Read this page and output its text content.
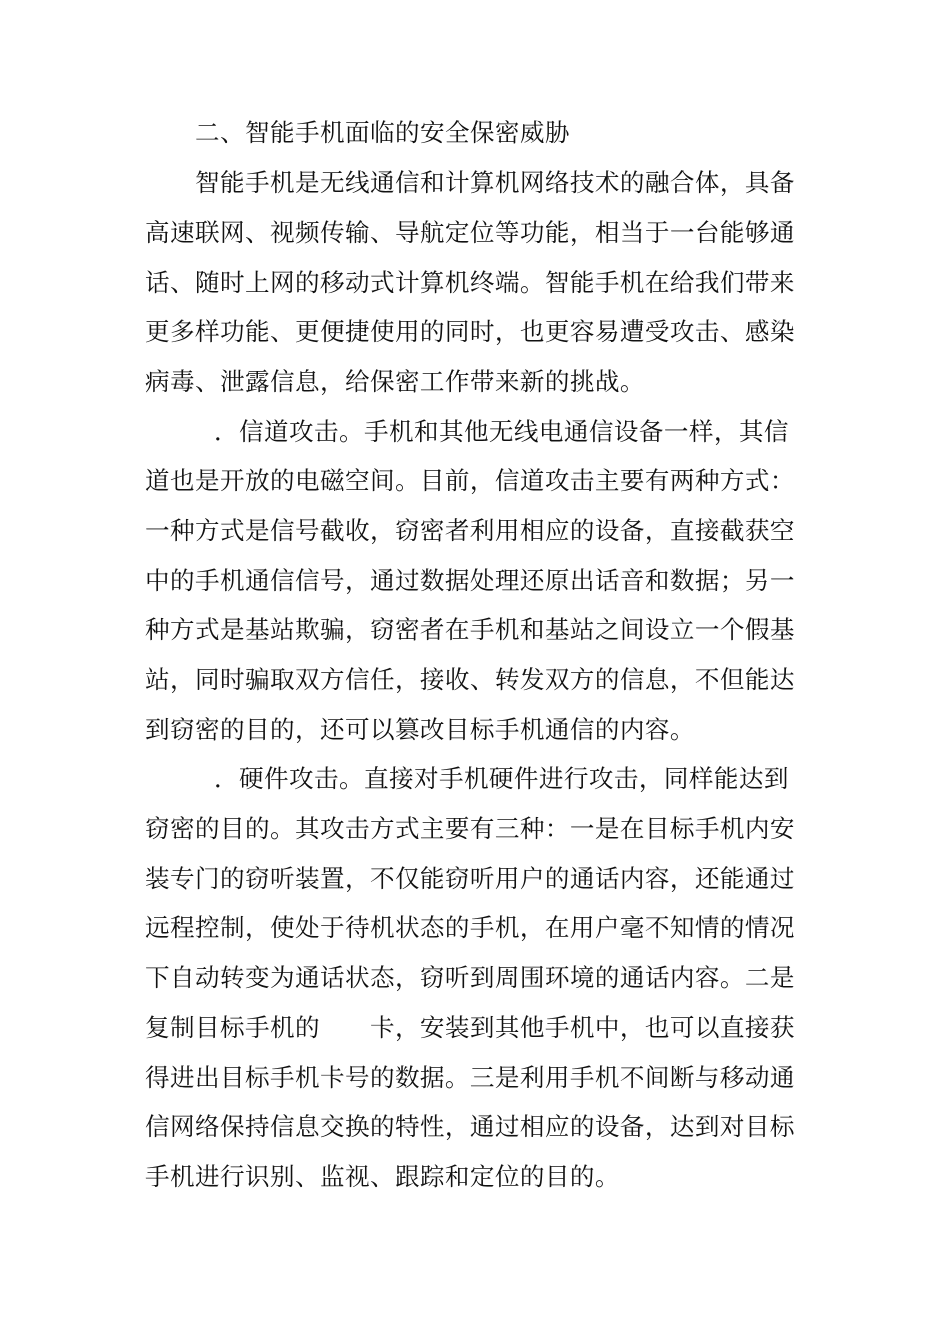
二、智能手机面临的安全保密威胁
智能手机是无线通信和计算机网络技术的融合体，具备
高速联网、视频传输、导航定位等功能，相当于一台能够通
话、随时上网的移动式计算机终端。智能手机在给我们带来
更多样功能、更便捷使用的同时，也更容易遭受攻击、感染
病毒、泄露信息，给保密工作带来新的挑战。
．信道攻击。手机和其他无线电通信设备一样，其信
道也是开放的电磁空间。目前，信道攻击主要有两种方式：
一种方式是信号截收，窃密者利用相应的设备，直接截获空
中的手机通信信号，通过数据处理还原出话音和数据；另一
种方式是基站欺骗，窃密者在手机和基站之间设立一个假基
站，同时骗取双方信任，接收、转发双方的信息，不但能达
到窃密的目的，还可以篡改目标手机通信的内容。
．硬件攻击。直接对手机硬件进行攻击，同样能达到
窃密的目的。其攻击方式主要有三种：一是在目标手机内安
装专门的窃听装置，不仅能窃听用户的通话内容，还能通过
远程控制，使处于待机状态的手机，在用户毫不知情的情况
下自动转变为通话状态，窃听到周围环境的通话内容。二是
复制目标手机的　　卡，安装到其他手机中，也可以直接获
得进出目标手机卡号的数据。三是利用手机不间断与移动通
信网络保持信息交换的特性，通过相应的设备，达到对目标
手机进行识别、监视、跟踪和定位的目的。
